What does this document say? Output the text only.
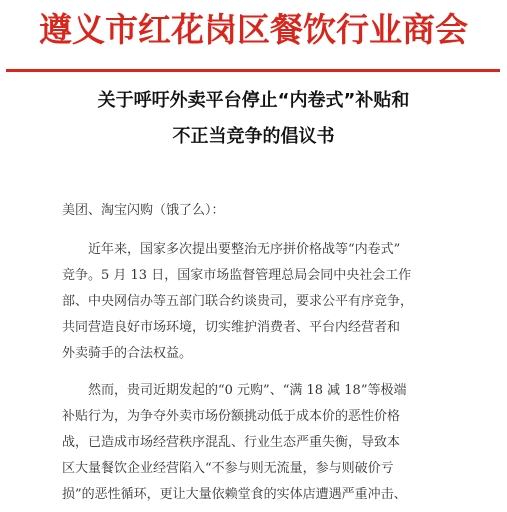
遵义市红花岗区餐饮行业商会
关于呼吁外卖平台停止“内卷式”补贴和
不正当竞争的倡议书
美团、淘宝闪购（饿了么）：
　　近年来，国家多次提出要整治无序拼价格战等“内卷式”
竞争。5 月 13 日，国家市场监督管理总局会同中央社会工作
部、中央网信办等五部门联合约谈贵司，要求公平有序竞争，
共同营造良好市场环境，切实维护消费者、平台内经营者和
外卖骑手的合法权益。
　　然而，贵司近期发起的“0 元购”、“满 18 减 18”等极端
补贴行为，为争夺外卖市场份额挑动低于成本价的恶性价格
战，已造成市场经营秩序混乱、行业生态严重失衡，导致本
区大量餐饮企业经营陷入“不参与则无流量，参与则破价亏
损”的恶性循环，更让大量依赖堂食的实体店遭遇严重冲击、
